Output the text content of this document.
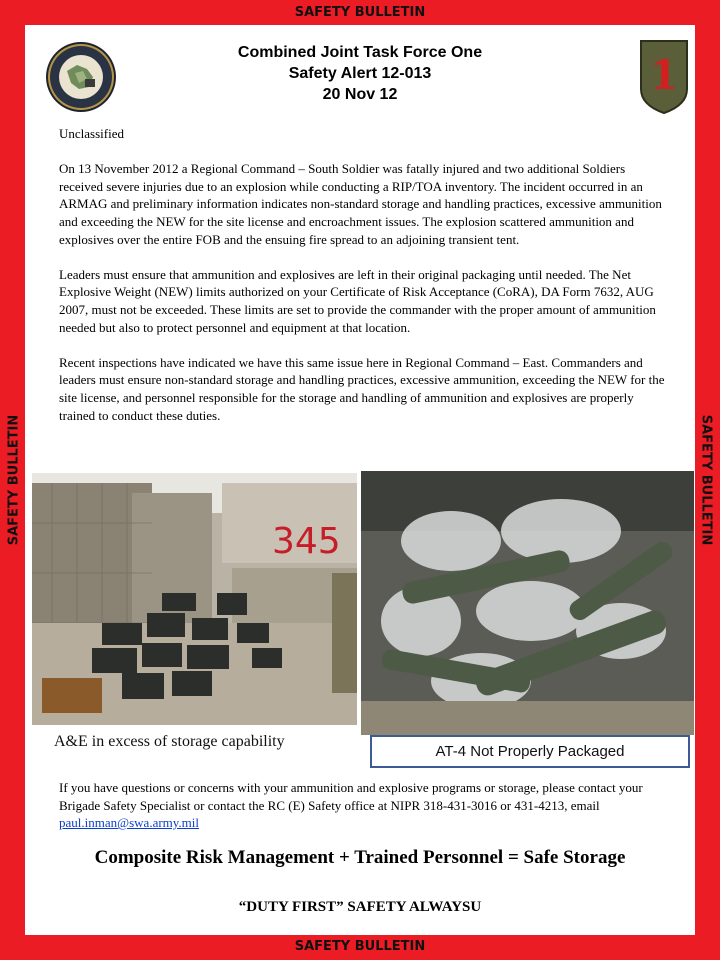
SAFETY BULLETIN
SAFETY BULLETIN	SAFETY BULLETIN
SAFETY BULLETIN
1
Combined Joint Task Force One
Safety Alert 12-013
20 Nov 12

Unclassified

On 13 November 2012 a Regional Command – South Soldier was fatally injured and two additional Soldiers received severe injuries due to an explosion while conducting a RIP/TOA inventory. The incident occurred in an ARMAG and preliminary information indicates non-standard storage and handling practices, excessive ammunition and exceeding the NEW for the site license and encroachment issues. The explosion scattered ammunition and explosives over the entire FOB and the ensuing fire spread to an adjoining transient tent.

Leaders must ensure that ammunition and explosives are left in their original packaging until needed. The Net Explosive Weight (NEW) limits authorized on your Certificate of Risk Acceptance (CoRA), DA Form 7632, AUG 2007, must not be exceeded. These limits are set to provide the commander with the proper amount of ammunition needed but also to protect personnel and equipment at that location.

Recent inspections have indicated we have this same issue here in Regional Command – East. Commanders and leaders must ensure non-standard storage and handling practices, excessive ammunition, exceeding the NEW for the site license, and personnel responsible for the storage and handling of ammunition and explosives are properly trained to conduct these duties.

345
A&E in excess of storage capability
AT-4 Not Properly Packaged
If you have questions or concerns with your ammunition and explosive programs or storage, please contact your Brigade Safety Specialist or contact the RC (E) Safety office at NIPR 318-431-3016 or 431-4213, email paul.inman@swa.army.mil
Composite Risk Management + Trained Personnel = Safe Storage
“DUTY FIRST” SAFETY ALWAYSU
